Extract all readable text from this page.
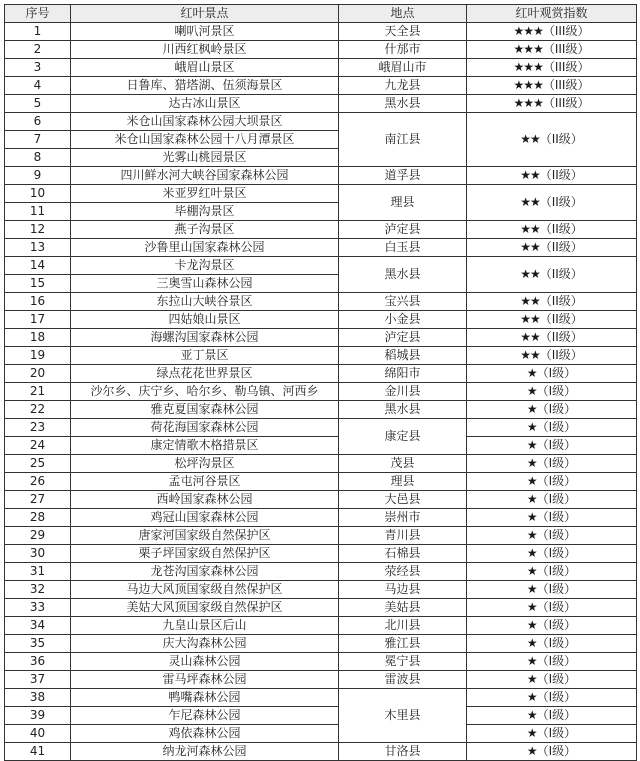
序号	红叶景点	地点	红叶观赏指数
1	喇叭河景区	天全县	★★★（III级）
2	川西红枫岭景区	什邡市	★★★（III级）
3	峨眉山景区	峨眉山市	★★★（III级）
4	日鲁库、猎塔湖、伍须海景区	九龙县	★★★（III级）
5	达古冰山景区	黑水县	★★★（III级）
6	米仓山国家森林公园大坝景区	南江县	★★（II级）
7	米仓山国家森林公园十八月潭景区		
8	光雾山桃园景区		
9	四川鲜水河大峡谷国家森林公园	道孚县	★★（II级）
10	米亚罗红叶景区	理县	★★（II级）
11	毕棚沟景区		
12	燕子沟景区	泸定县	★★（II级）
13	沙鲁里山国家森林公园	白玉县	★★（II级）
14	卡龙沟景区	黑水县	★★（II级）
15	三奥雪山森林公园		
16	东拉山大峡谷景区	宝兴县	★★（II级）
17	四姑娘山景区	小金县	★★（II级）
18	海螺沟国家森林公园	泸定县	★★（II级）
19	亚丁景区	稻城县	★★（II级）
20	绿点花花世界景区	绵阳市	★（I级）
21	沙尔乡、庆宁乡、哈尔乡、勒乌镇、河西乡	金川县	★（I级）
22	雅克夏国家森林公园	黑水县	★（I级）
23	荷花海国家森林公园	康定县	★（I级）
24	康定情歌木格措景区		★（I级）
25	松坪沟景区	茂县	★（I级）
26	孟屯河谷景区	理县	★（I级）
27	西岭国家森林公园	大邑县	★（I级）
28	鸡冠山国家森林公园	崇州市	★（I级）
29	唐家河国家级自然保护区	青川县	★（I级）
30	栗子坪国家级自然保护区	石棉县	★（I级）
31	龙苍沟国家森林公园	荥经县	★（I级）
32	马边大风顶国家级自然保护区	马边县	★（I级）
33	美姑大风顶国家级自然保护区	美姑县	★（I级）
34	九皇山景区后山	北川县	★（I级）
35	庆大沟森林公园	雅江县	★（I级）
36	灵山森林公园	冕宁县	★（I级）
37	雷马坪森林公园	雷波县	★（I级）
38	鸭嘴森林公园	木里县	★（I级）
39	乍尼森林公园		★（I级）
40	鸡依森林公园		★（I级）
41	纳龙河森林公园	甘洛县	★（I级）
